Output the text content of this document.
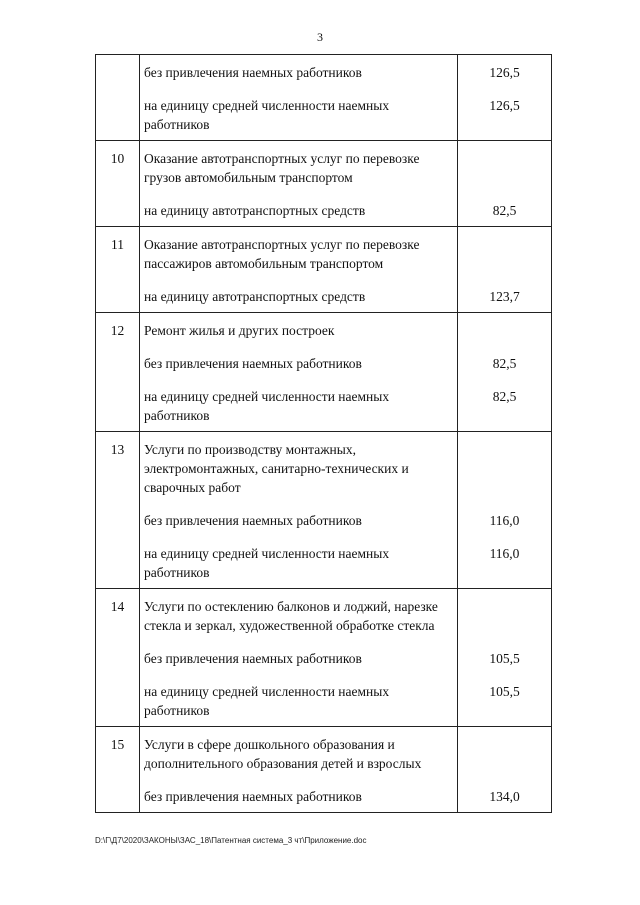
3
	без привлечения наемных работников	126,5
	на единицу средней численности наемных работников	126,5
10	Оказание автотранспортных услуг по перевозке грузов автомобильным транспортом	
	на единицу автотранспортных средств	82,5
11	Оказание автотранспортных услуг по перевозке пассажиров автомобильным транспортом	
	на единицу автотранспортных средств	123,7
12	Ремонт жилья и других построек	
	без привлечения наемных работников	82,5
	на единицу средней численности наемных работников	82,5
13	Услуги по производству монтажных, электромонтажных, санитарно-технических и сварочных работ	
	без привлечения наемных работников	116,0
	на единицу средней численности наемных работников	116,0
14	Услуги по остеклению балконов и лоджий, нарезке стекла и зеркал, художественной обработке стекла	
	без привлечения наемных работников	105,5
	на единицу средней численности наемных работников	105,5
15	Услуги в сфере дошкольного образования и дополнительного образования детей и взрослых	
	без привлечения наемных работников	134,0
D:\Г\Д7\2020\ЗАКОНЫ\ЗАС_18\Патентная система_3 чт\Приложение.doc
